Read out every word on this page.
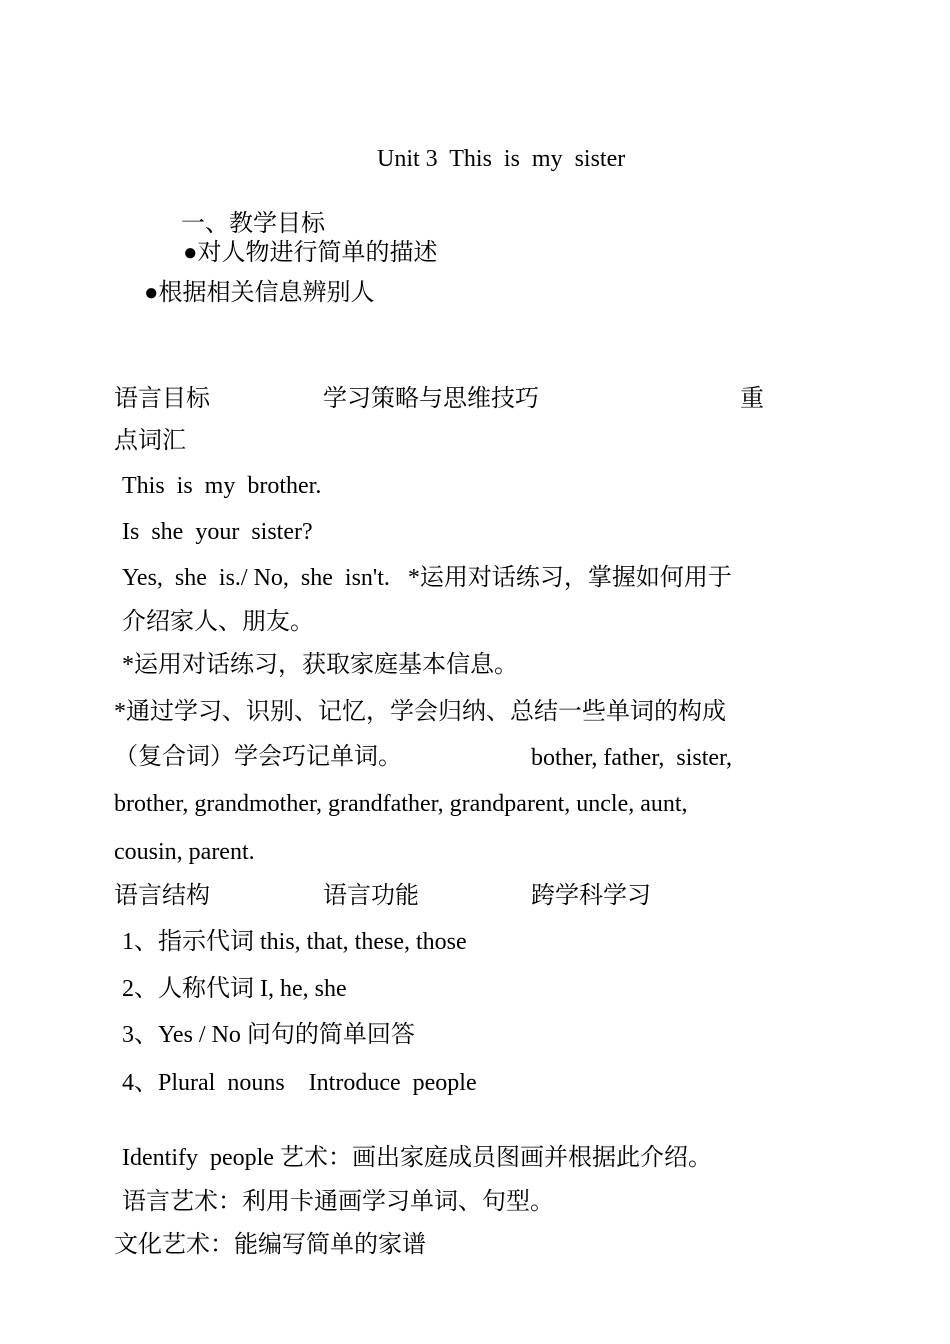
Unit 3  This  is  my  sister
一、教学目标
●对人物进行简单的描述
●根据相关信息辨别人
语言目标	学习策略与思维技巧	重
点词汇
This  is  my  brother.
Is  she  your  sister?
Yes,  she  is./ No,  she  isn't.   *运用对话练习，掌握如何用于
介绍家人、朋友。
*运用对话练习，获取家庭基本信息。
*通过学习、识别、记忆，学会归纳、总结一些单词的构成
（复合词）学会巧记单词。	bother, father,  sister,
brother, grandmother, grandfather, grandparent, uncle, aunt,
cousin, parent.
语言结构	语言功能	跨学科学习
1、指示代词 this, that, these, those
2、人称代词 I, he, she
3、Yes / No 问句的简单回答
4、Plural  nouns    Introduce  people
Identify  people 艺术：画出家庭成员图画并根据此介绍。
语言艺术：利用卡通画学习单词、句型。
文化艺术：能编写简单的家谱
